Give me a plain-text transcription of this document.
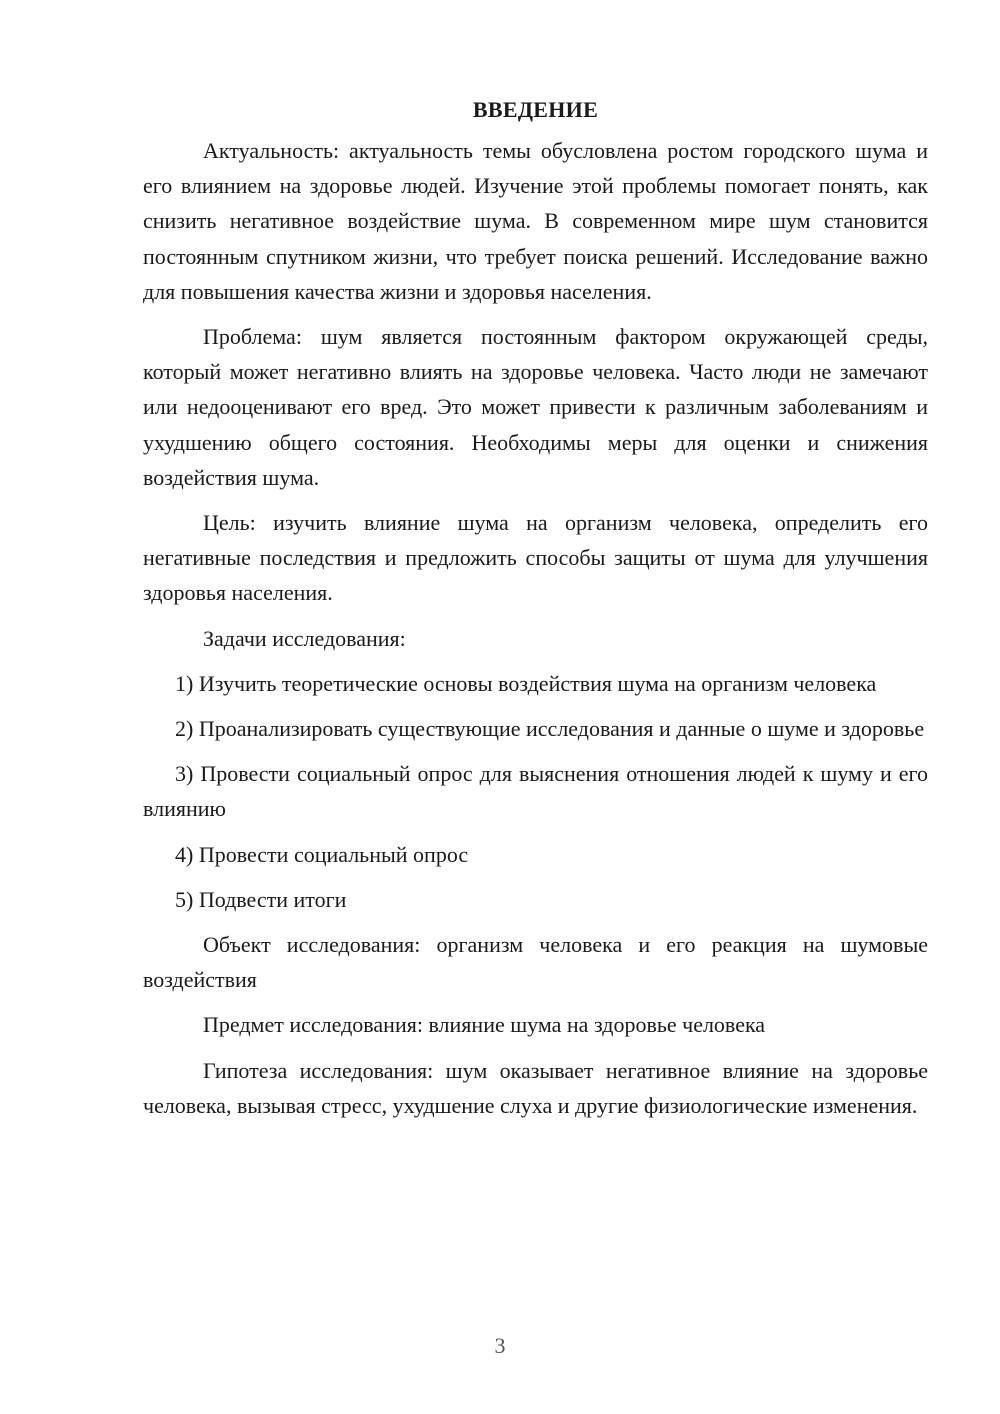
ВВЕДЕНИЕ

Актуальность: актуальность темы обусловлена ростом городского шума и его влиянием на здоровье людей. Изучение этой проблемы помогает понять, как снизить негативное воздействие шума. В современном мире шум становится постоянным спутником жизни, что требует поиска решений. Исследование важно для повышения качества жизни и здоровья населения.

Проблема: шум является постоянным фактором окружающей среды, который может негативно влиять на здоровье человека. Часто люди не замечают или недооценивают его вред. Это может привести к различным заболеваниям и ухудшению общего состояния. Необходимы меры для оценки и снижения воздействия шума.

Цель: изучить влияние шума на организм человека, определить его негативные последствия и предложить способы защиты от шума для улучшения здоровья населения.

Задачи исследования:

1) Изучить теоретические основы воздействия шума на организм человека

2) Проанализировать существующие исследования и данные о шуме и здоровье

3) Провести социальный опрос для выяснения отношения людей к шуму и его влиянию

4) Провести социальный опрос

5) Подвести итоги

Объект исследования: организм человека и его реакция на шумовые воздействия

Предмет исследования: влияние шума на здоровье человека

Гипотеза исследования: шум оказывает негативное влияние на здоровье человека, вызывая стресс, ухудшение слуха и другие физиологические изменения.

3
